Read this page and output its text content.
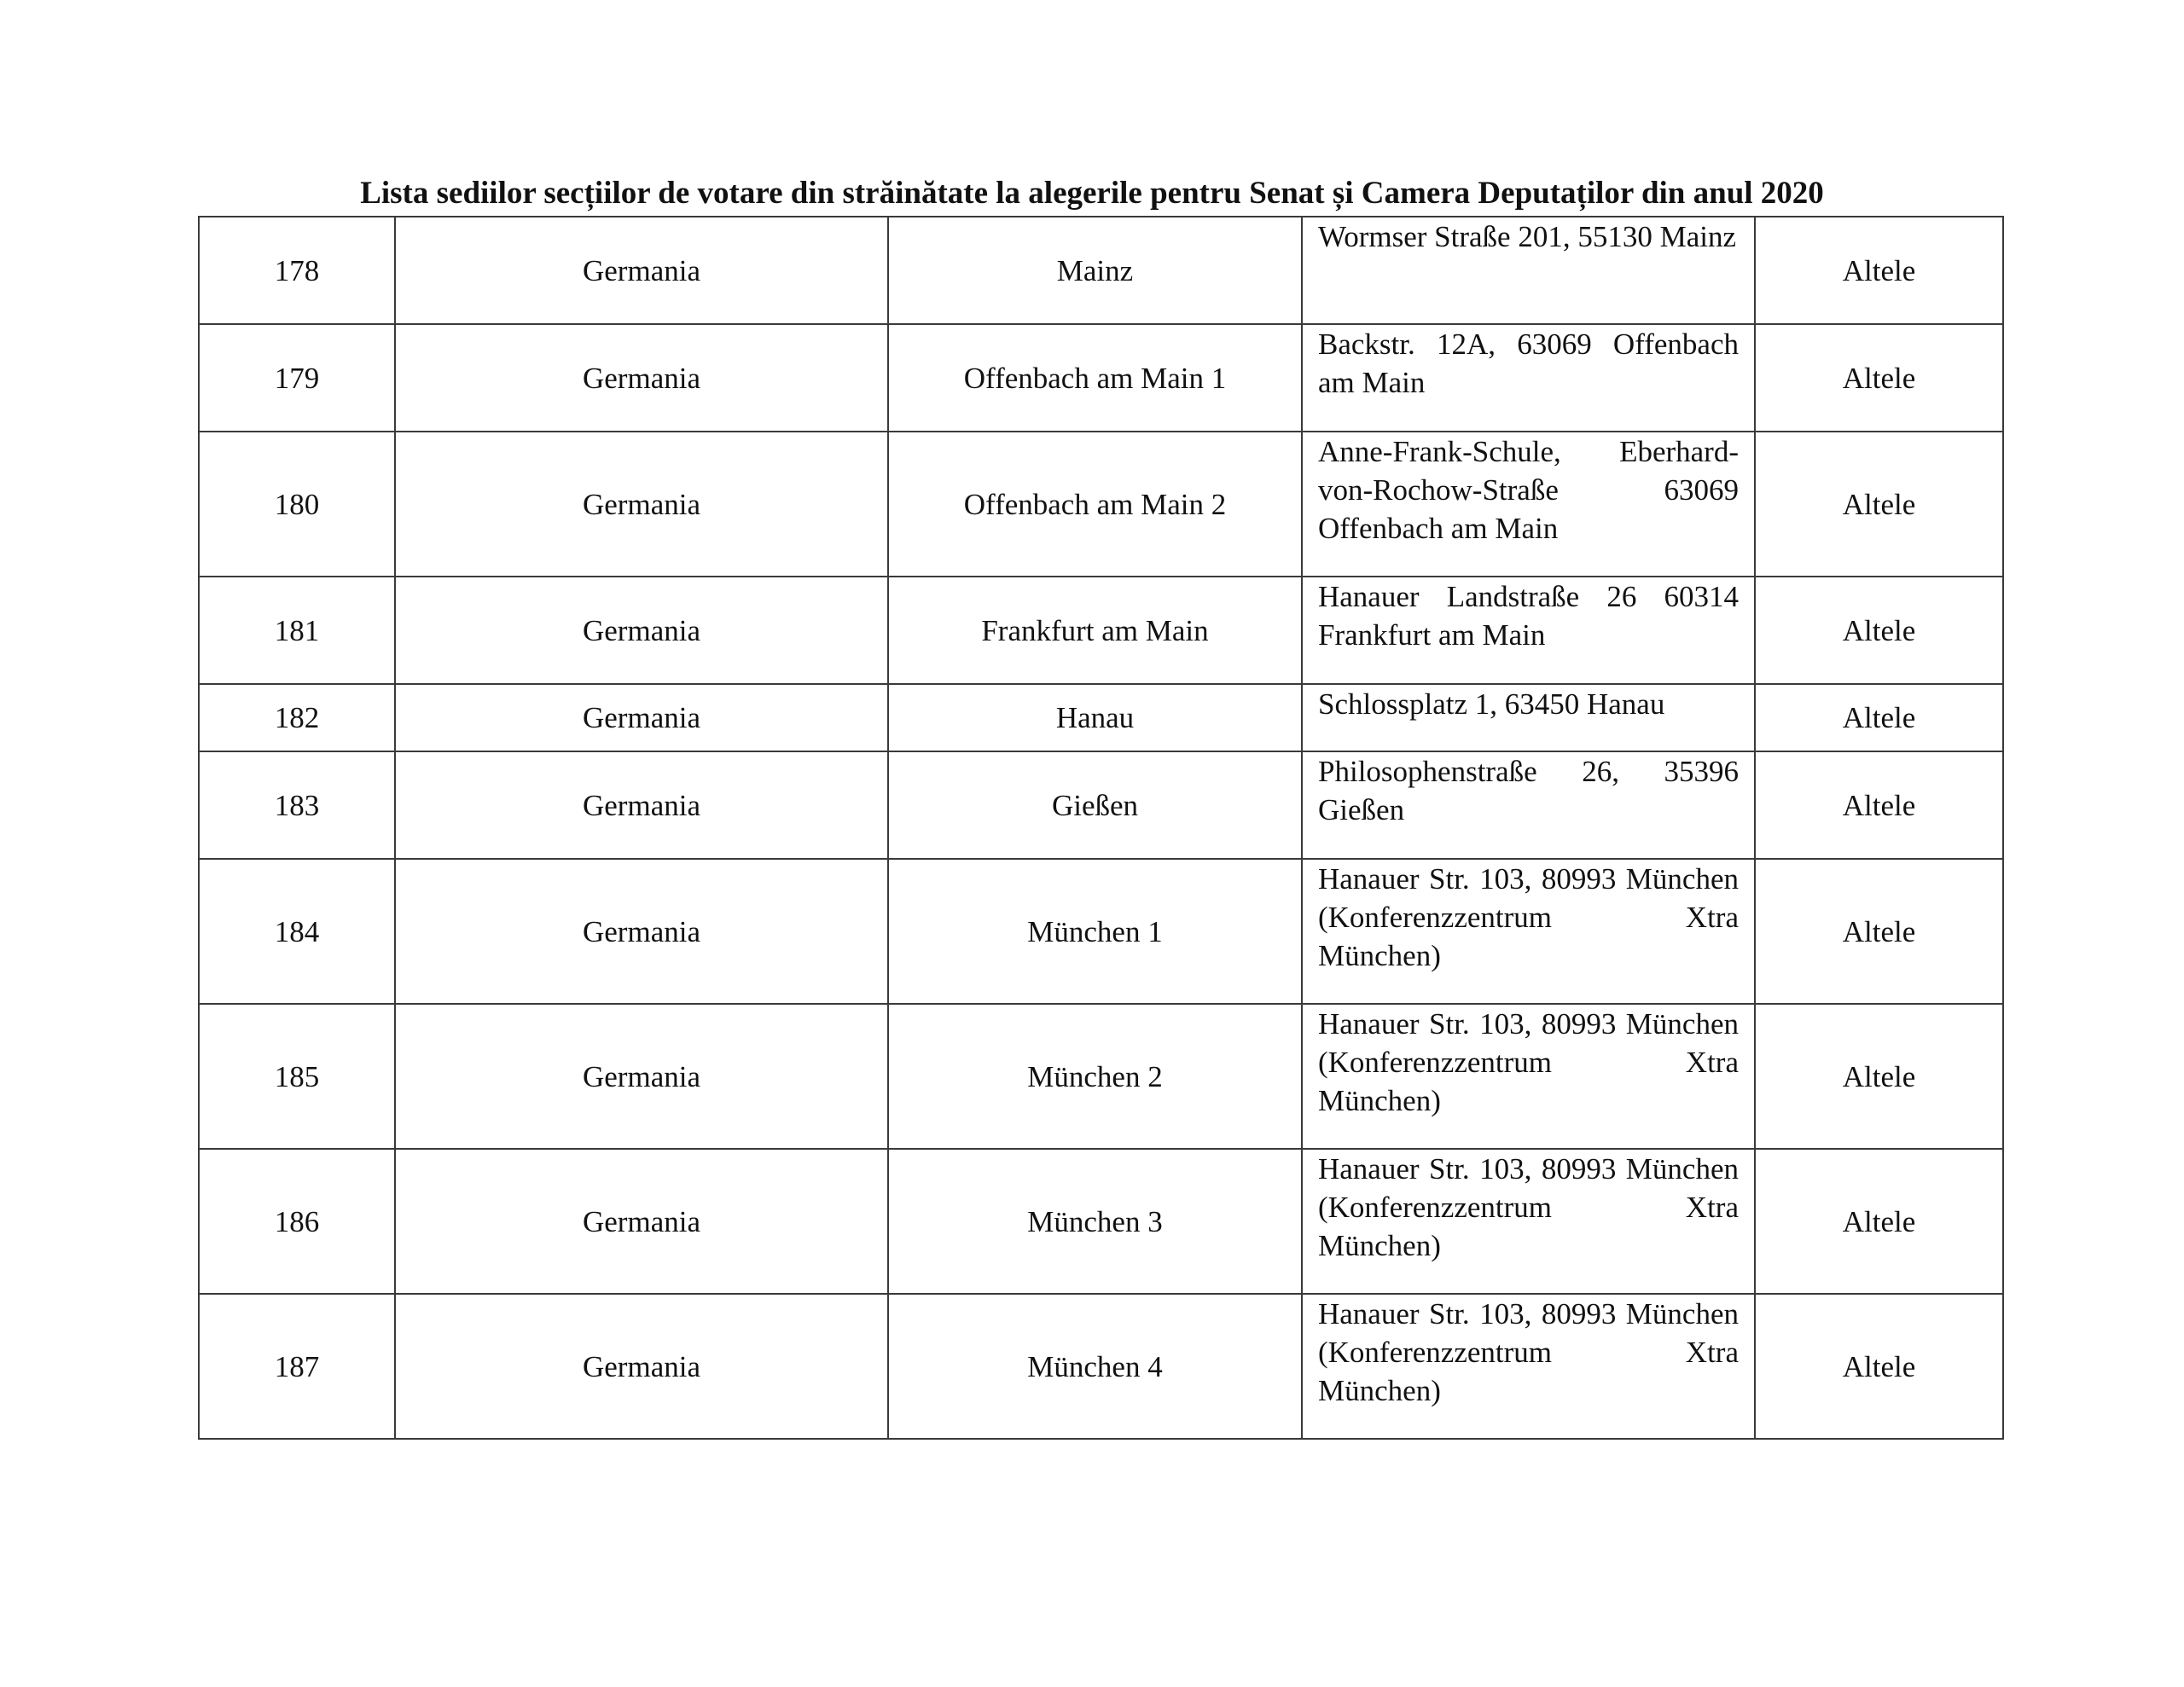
Lista sediilor secțiilor de votare din străinătate la alegerile pentru Senat și Camera Deputaților din anul 2020
178	Germania	Mainz	Wormser Straße 201, 55130 Mainz	Altele
179	Germania	Offenbach am Main 1	Backstr. 12A, 63069 Offenbach am Main	Altele
180	Germania	Offenbach am Main 2	Anne-Frank-Schule, Eberhard-von-Rochow-Straße 63069 Offenbach am Main	Altele
181	Germania	Frankfurt am Main	Hanauer Landstraße 26 60314 Frankfurt am Main	Altele
182	Germania	Hanau	Schlossplatz 1, 63450 Hanau	Altele
183	Germania	Gießen	Philosophenstraße 26, 35396 Gießen	Altele
184	Germania	München 1	Hanauer Str. 103, 80993 München (Konferenzzentrum Xtra München)	Altele
185	Germania	München 2	Hanauer Str. 103, 80993 München (Konferenzzentrum Xtra München)	Altele
186	Germania	München 3	Hanauer Str. 103, 80993 München (Konferenzzentrum Xtra München)	Altele
187	Germania	München 4	Hanauer Str. 103, 80993 München (Konferenzzentrum Xtra München)	Altele
